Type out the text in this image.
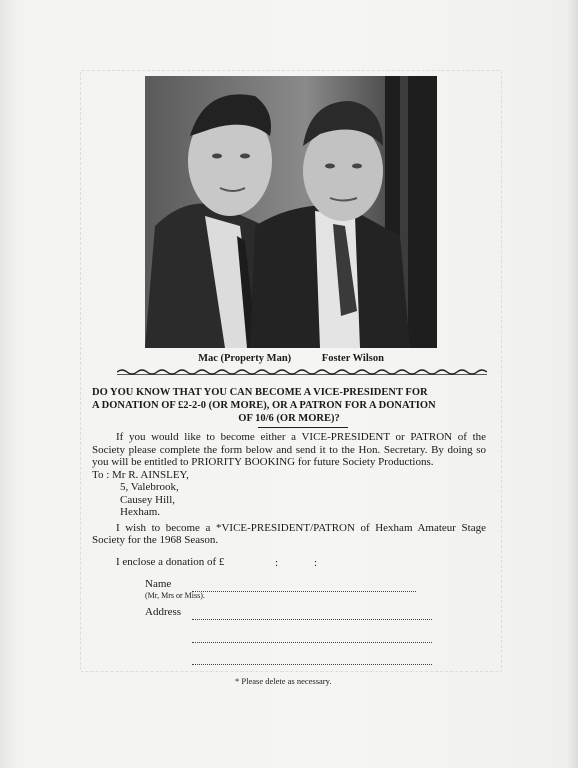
Mac (Property Man)	Foster Wilson
DO YOU KNOW THAT YOU CAN BECOME A VICE-PRESIDENT FOR
A DONATION OF £2-2-0 (OR MORE), OR A PATRON FOR A DONATION
OF 10/6 (OR MORE)?

If you would like to become either a VICE-PRESIDENT or PATRON of the Society please complete the form below and send it to the Hon. Secretary. By doing so you will be entitled to PRIORITY BOOKING for future Society Productions.

To : Mr R. AINSLEY,

5, Valebrook,

Causey Hill,

Hexham.

I wish to become a *VICE-PRESIDENT/PATRON of Hexham Amateur Stage Society for the 1968 Season.

I enclose a donation of £	:	:
Name
(Mr, Mrs or Miss).
Address
* Please delete as necessary.
